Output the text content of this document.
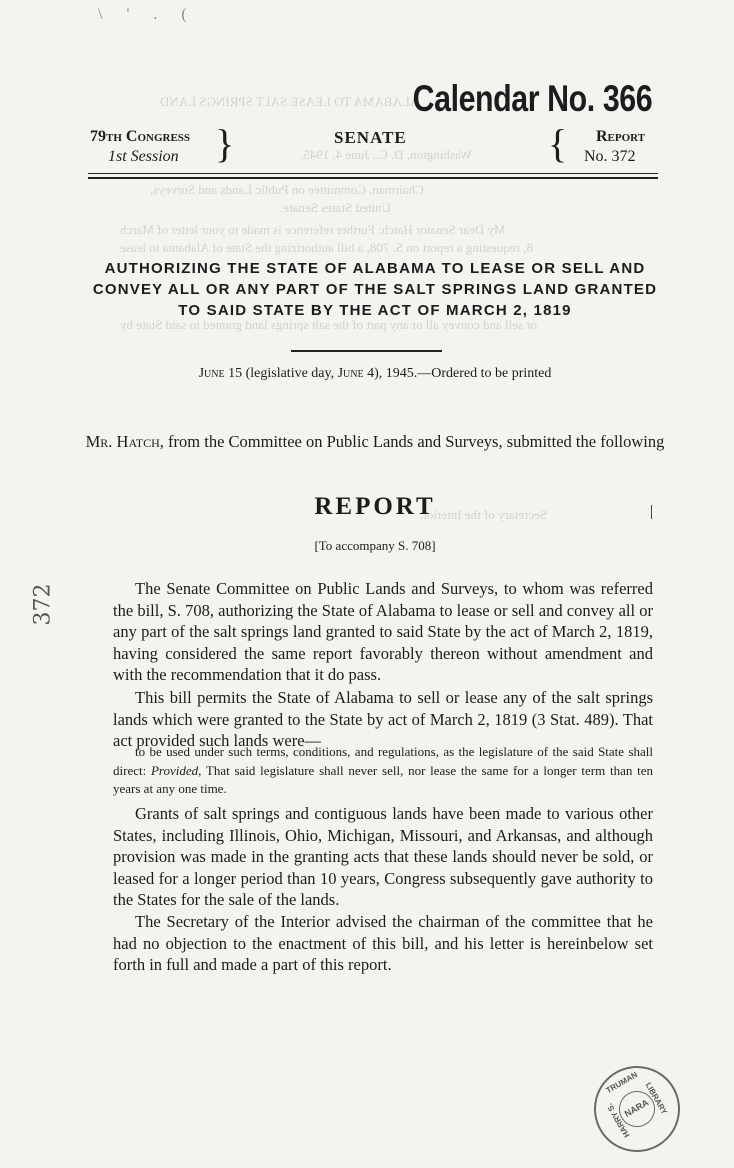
ALABAMA TO LEASE SALT SPRINGS LAND
Washington, D. C., June 4, 1945.
Chairman, Committee on Public Lands and Surveys,
United States Senate.
My Dear Senator Hatch: Further reference is made to your letter of March
8, requesting a report on S. 708, a bill authorizing the State of Alabama to lease
or sell and convey all or any part of the salt springs land granted to said State by
Secretary of the Interior.
\ ' . (
Calendar No. 366
79th Congress
1st Session }	SENATE	{ Report
No. 372
AUTHORIZING THE STATE OF ALABAMA TO LEASE OR SELL AND CONVEY ALL OR ANY PART OF THE SALT SPRINGS LAND GRANTED TO SAID STATE BY THE ACT OF MARCH 2, 1819
June 15 (legislative day, June 4), 1945.—Ordered to be printed
Mr. Hatch, from the Committee on Public Lands and Surveys, submitted the following
REPORT
[To accompany S. 708]
372	The Senate Committee on Public Lands and Surveys, to whom was referred the bill, S. 708, authorizing the State of Alabama to lease or sell and convey all or any part of the salt springs land granted to said State by the act of March 2, 1819, having considered the same report favorably thereon without amendment and with the recommendation that it do pass.
This bill permits the State of Alabama to sell or lease any of the salt springs lands which were granted to the State by act of March 2, 1819 (3 Stat. 489). That act provided such lands were—
to be used under such terms, conditions, and regulations, as the legislature of the said State shall direct: Provided, That said legislature shall never sell, nor lease the same for a longer term than ten years at any one time.
Grants of salt springs and contiguous lands have been made to various other States, including Illinois, Ohio, Michigan, Missouri, and Arkansas, and although provision was made in the granting acts that these lands should never be sold, or leased for a longer period than 10 years, Congress subsequently gave authority to the States for the sale of the lands.
The Secretary of the Interior advised the chairman of the committee that he had no objection to the enactment of this bill, and his letter is hereinbelow set forth in full and made a part of this report.
TRUMAN
HARRY S.
LIBRARY
NARA
